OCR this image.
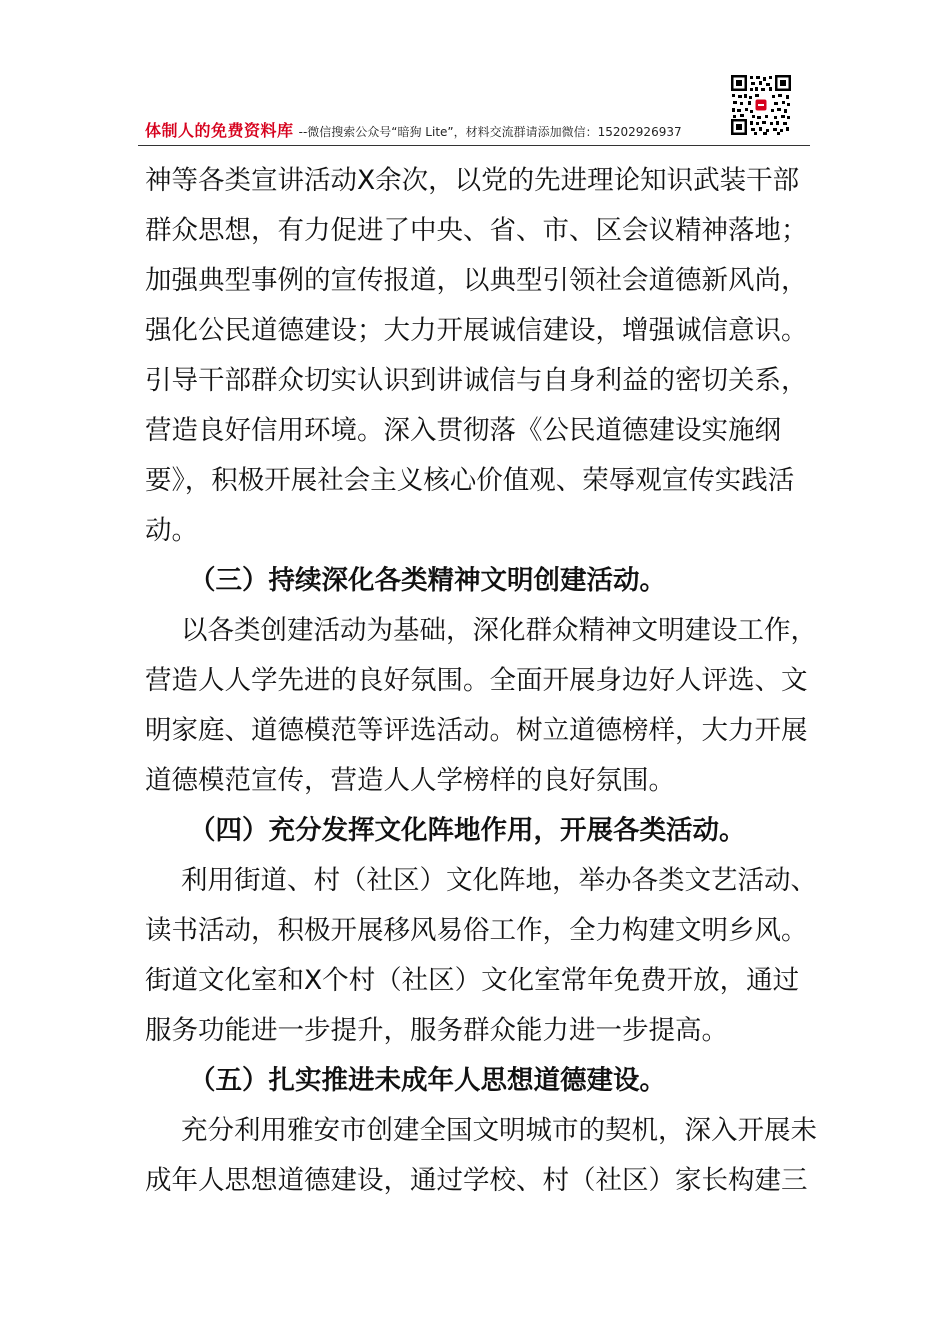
体制人的免费资料库 --微信搜索公众号“暗狗 Lite”，材料交流群请添加微信：15202926937
神等各类宣讲活动X余次，以党的先进理论知识武装干部
群众思想，有力促进了中央、省、市、区会议精神落地；
加强典型事例的宣传报道，以典型引领社会道德新风尚，
强化公民道德建设；大力开展诚信建设，增强诚信意识。
引导干部群众切实认识到讲诚信与自身利益的密切关系，
营造良好信用环境。深入贯彻落《公民道德建设实施纲
要》，积极开展社会主义核心价值观、荣辱观宣传实践活
动。
（三）持续深化各类精神文明创建活动。
以各类创建活动为基础，深化群众精神文明建设工作，
营造人人学先进的良好氛围。全面开展身边好人评选、文
明家庭、道德模范等评选活动。树立道德榜样，大力开展
道德模范宣传，营造人人学榜样的良好氛围。
（四）充分发挥文化阵地作用，开展各类活动。
利用街道、村（社区）文化阵地，举办各类文艺活动、
读书活动，积极开展移风易俗工作，全力构建文明乡风。
街道文化室和X个村（社区）文化室常年免费开放，通过
服务功能进一步提升，服务群众能力进一步提高。
（五）扎实推进未成年人思想道德建设。
充分利用雅安市创建全国文明城市的契机，深入开展未
成年人思想道德建设，通过学校、村（社区）家长构建三
